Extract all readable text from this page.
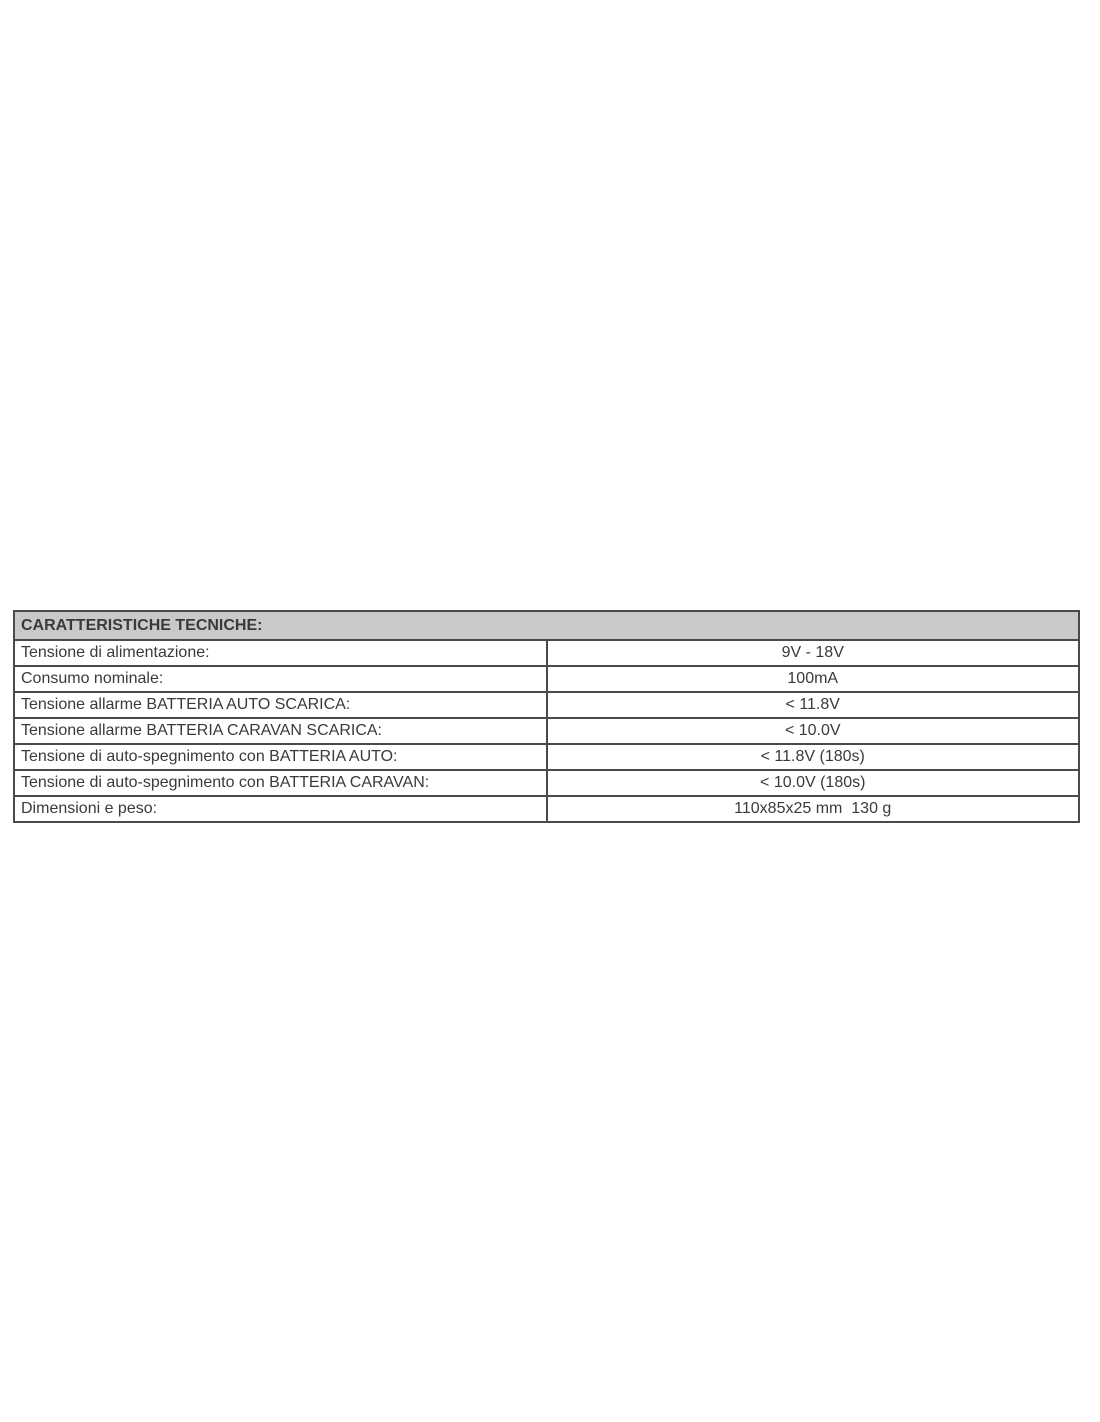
CARATTERISTICHE TECNICHE:	
Tensione di alimentazione:	9V - 18V
Consumo nominale:	100mA
Tensione allarme BATTERIA AUTO SCARICA:	< 11.8V
Tensione allarme BATTERIA CARAVAN SCARICA:	< 10.0V
Tensione di auto-spegnimento con BATTERIA AUTO:	< 11.8V (180s)
Tensione di auto-spegnimento con BATTERIA CARAVAN:	< 10.0V (180s)
Dimensioni e peso:	110x85x25 mm  130 g
